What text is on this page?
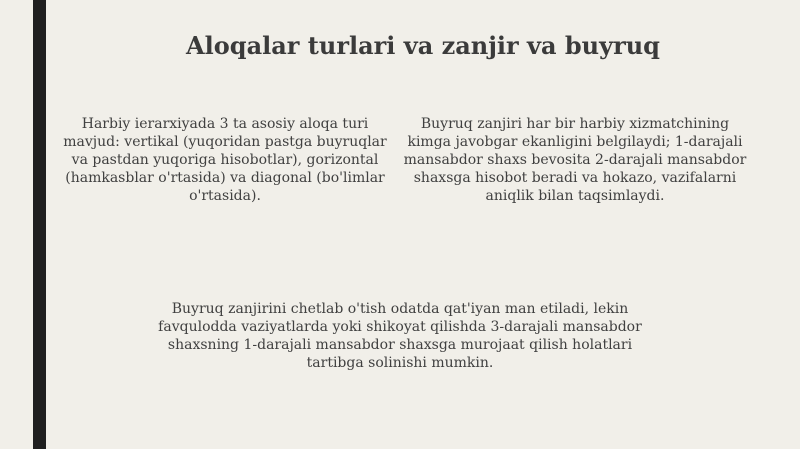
Aloqalar turlari va zanjir va buyruq
Harbiy ierarxiyada 3 ta asosiy aloqa turi mavjud: vertikal (yuqoridan pastga buyruqlar va pastdan yuqoriga hisobotlar), gorizontal (hamkasblar o'rtasida) va diagonal (bo'limlar o'rtasida).
Buyruq zanjiri har bir harbiy xizmatchining kimga javobgar ekanligini belgilaydi; 1-darajali mansabdor shaxs bevosita 2-darajali mansabdor shaxsga hisobot beradi va hokazo, vazifalarni aniqlik bilan taqsimlaydi.
Buyruq zanjirini chetlab o'tish odatda qat'iyan man etiladi, lekin favqulodda vaziyatlarda yoki shikoyat qilishda 3-darajali mansabdor shaxsning 1-darajali mansabdor shaxsga murojaat qilish holatlari tartibga solinishi mumkin.
